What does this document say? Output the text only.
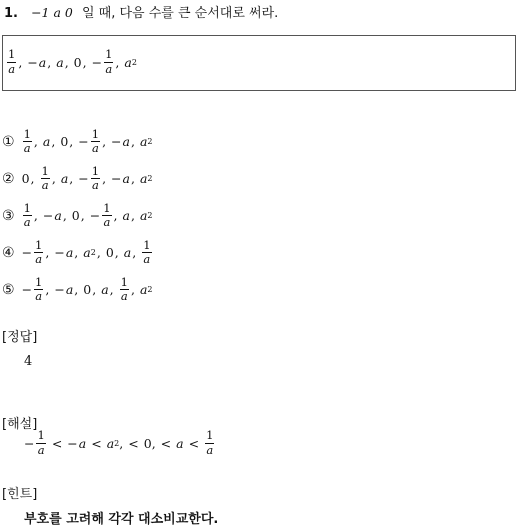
1. −1 a 0 일 때, 다음 수를 큰 순서대로 써라.
$\frac{1}{a}$ , − a , a , 0 , − $\frac{1}{a}$ , a 2
① $\frac{1}{a}$ , a , 0 , − $\frac{1}{a}$ , − a , a 2
② 0 , $\frac{1}{a}$ , a , − $\frac{1}{a}$ , − a , a 2
③ $\frac{1}{a}$ , − a , 0 , − $\frac{1}{a}$ , a , a 2
④ − $\frac{1}{a}$ , − a , a 2 , 0 , a , $\frac{1}{a}$
⑤ − $\frac{1}{a}$ , − a , 0 , a , $\frac{1}{a}$ , a 2
[정답]
4
[해설]
− $\frac{1}{a}$ < − a < a 2 , < 0 , < $a < \frac{1}{a}$
[힌트]
부호를 고려해 각각 대소비교한다.
